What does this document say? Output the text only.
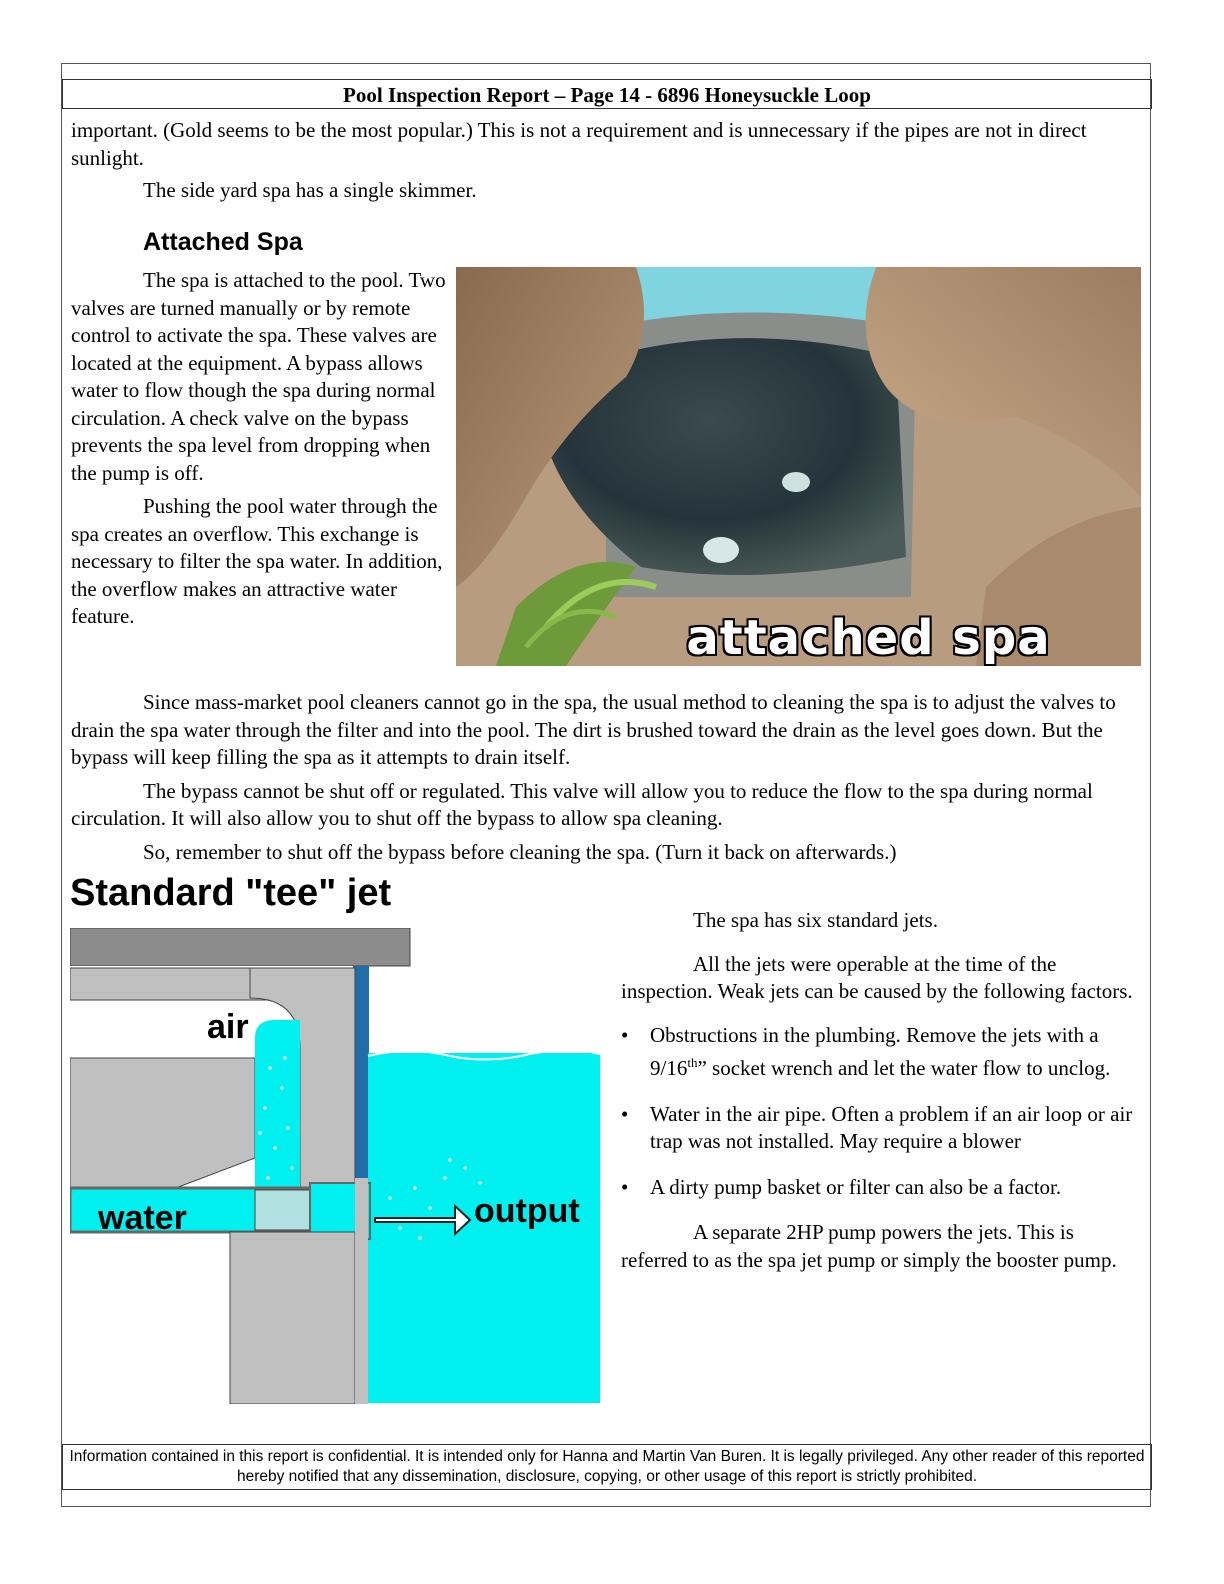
Pool Inspection Report – Page 14 - 6896 Honeysuckle Loop

important. (Gold seems to be the most popular.) This is not a requirement and is unnecessary if the pipes are not in direct sunlight.

The side yard spa has a single skimmer.

Attached Spa

The spa is attached to the pool. Two valves are turned manually or by remote control to activate the spa. These valves are located at the equipment. A bypass allows water to flow though the spa during normal circulation. A check valve on the bypass prevents the spa level from dropping when the pump is off.

Pushing the pool water through the spa creates an overflow. This exchange is necessary to filter the spa water. In addition, the overflow makes an attractive water feature.	attached spa

Since mass-market pool cleaners cannot go in the spa, the usual method to cleaning the spa is to adjust the valves to drain the spa water through the filter and into the pool. The dirt is brushed toward the drain as the level goes down. But the bypass will keep filling the spa as it attempts to drain itself.

The bypass cannot be shut off or regulated. This valve will allow you to reduce the flow to the spa during normal circulation. It will also allow you to shut off the bypass to allow spa cleaning.

So, remember to shut off the bypass before cleaning the spa. (Turn it back on afterwards.)

Standard "tee" jet
air
water	output

The spa has six standard jets.

All the jets were operable at the time of the inspection. Weak jets can be caused by the following factors.

• Obstructions in the plumbing. Remove the jets with a 9/16th” socket wrench and let the water flow to unclog.
• Water in the air pipe. Often a problem if an air loop or air trap was not installed. May require a blower
• A dirty pump basket or filter can also be a factor.

A separate 2HP pump powers the jets. This is referred to as the spa jet pump or simply the booster pump.

Information contained in this report is confidential. It is intended only for Hanna and Martin Van Buren. It is legally privileged. Any other reader of this reported hereby notified that any dissemination, disclosure, copying, or other usage of this report is strictly prohibited.
